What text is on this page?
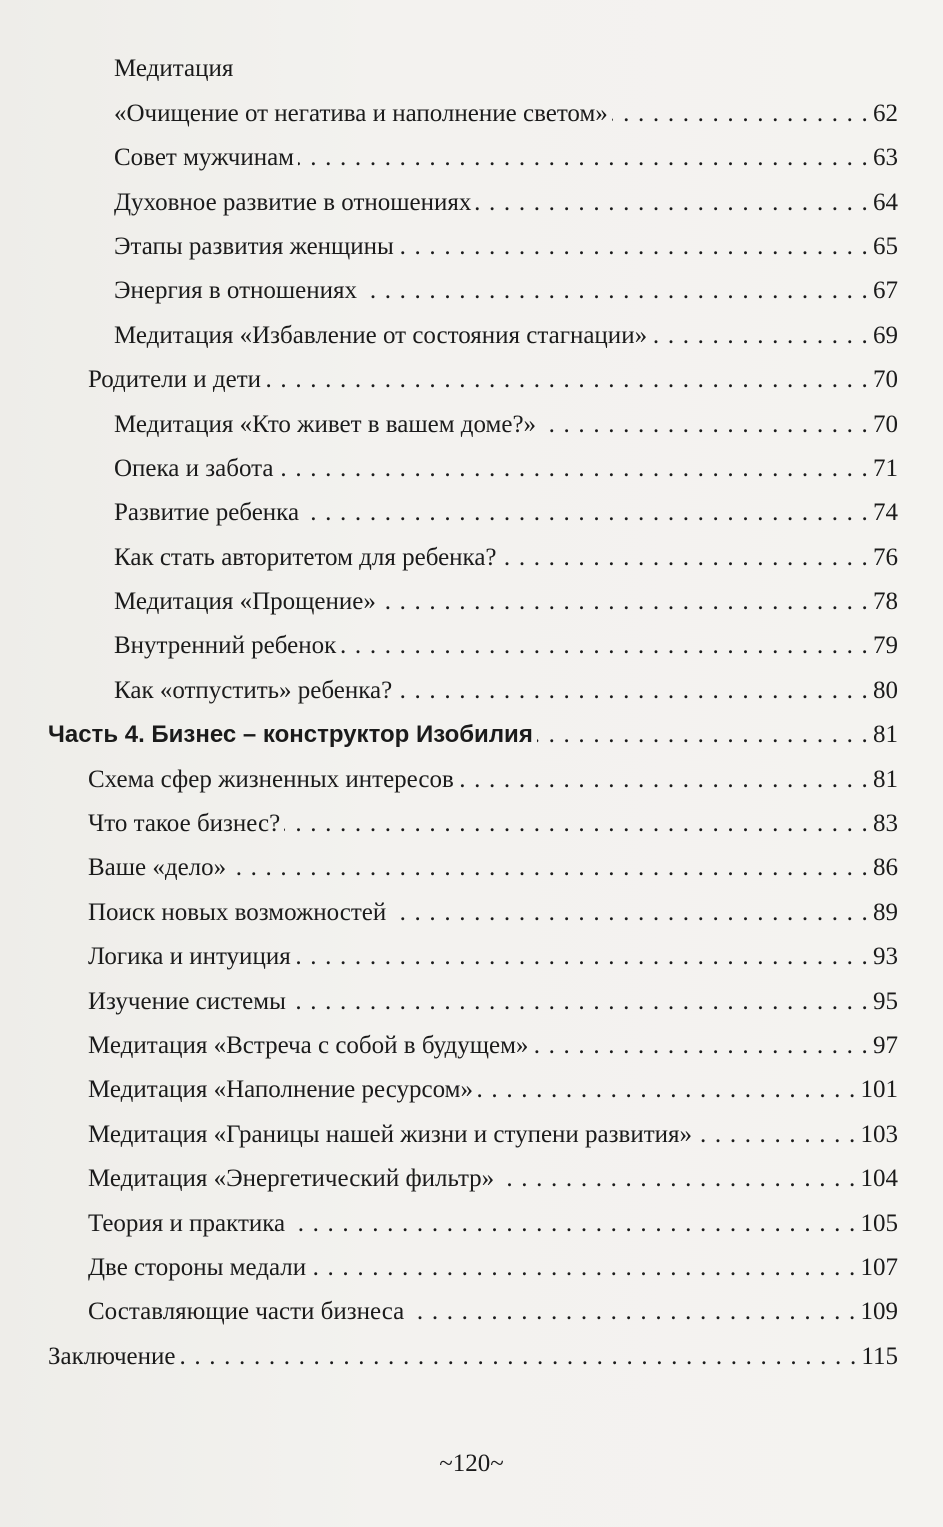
Медитация
«Очищение от негатива и наполнение светом» . . .	62
Совет мужчинам . . .	63
Духовное развитие в отношениях . . .	64
Этапы развития женщины . . .	65
Энергия в отношениях . . .	67
Медитация «Избавление от состояния стагнации» . . .	69
Родители и дети . . .	70
Медитация «Кто живет в вашем доме?» . . .	70
Опека и забота . . .	71
Развитие ребенка . . .	74
Как стать авторитетом для ребенка? . . .	76
Медитация «Прощение» . . .	78
Внутренний ребенок . . .	79
Как «отпустить» ребенка? . . .	80
Часть 4. Бизнес – конструктор Изобилия . . .	81
Схема сфер жизненных интересов . . .	81
Что такое бизнес? . . .	83
Ваше «дело» . . .	86
Поиск новых возможностей . . .	89
Логика и интуиция . . .	93
Изучение системы . . .	95
Медитация «Встреча с собой в будущем» . . .	97
Медитация «Наполнение ресурсом» . . .	101
Медитация «Границы нашей жизни и ступени развития» . . .	103
Медитация «Энергетический фильтр» . . .	104
Теория и практика . . .	105
Две стороны медали . . .	107
Составляющие части бизнеса . . .	109
Заключение . . .	115
~120~
